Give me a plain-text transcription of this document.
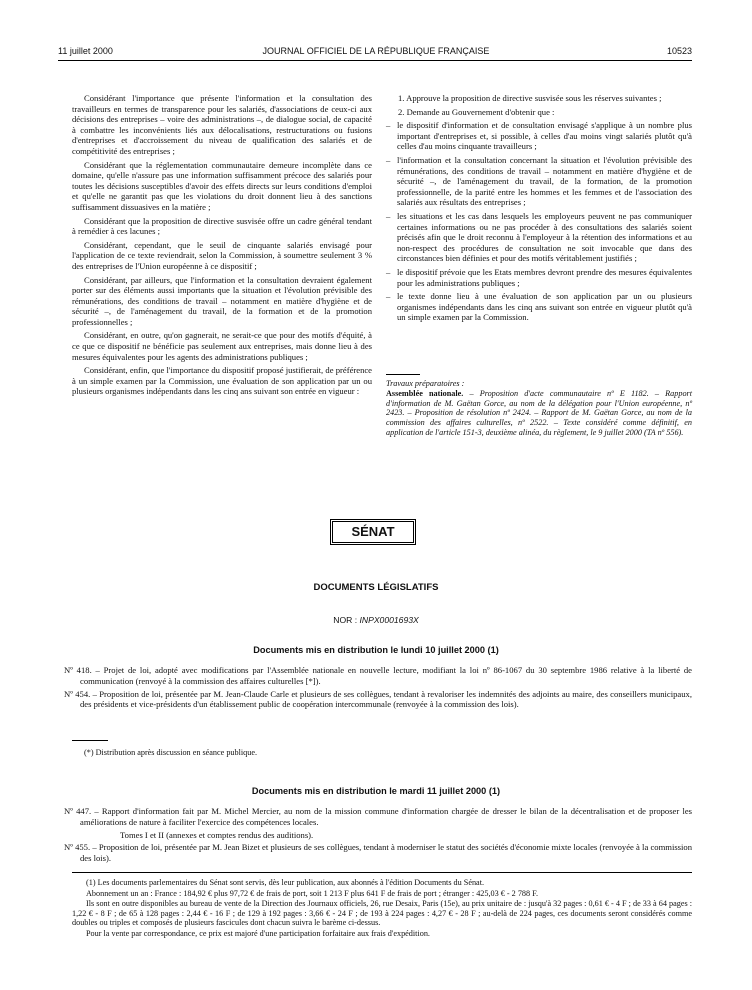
11 juillet 2000	JOURNAL OFFICIEL DE LA RÉPUBLIQUE FRANÇAISE	10523

Considérant l'importance que présente l'information et la consultation des travailleurs en termes de transparence pour les salariés, d'associations de ceux-ci aux décisions des entreprises – voire des administrations –, de dialogue social, de capacité à combattre les inconvénients liés aux délocalisations, restructurations ou fusions d'entreprises et d'accroissement du niveau de qualification des salariés et de compétitivité des entreprises ;

Considérant que la réglementation communautaire demeure incomplète dans ce domaine, qu'elle n'assure pas une information suffisamment précoce des salariés pour toutes les décisions susceptibles d'avoir des effets directs sur leurs conditions d'emploi et qu'elle ne garantit pas que les violations du droit donnent lieu à des sanctions suffisamment dissuasives en la matière ;

Considérant que la proposition de directive susvisée offre un cadre général tendant à remédier à ces lacunes ;

Considérant, cependant, que le seuil de cinquante salariés envisagé pour l'application de ce texte reviendrait, selon la Commission, à soumettre seulement 3 % des entreprises de l'Union européenne à ce dispositif ;

Considérant, par ailleurs, que l'information et la consultation devraient également porter sur des éléments aussi importants que la situation et l'évolution prévisible des rémunérations, des conditions de travail – notamment en matière d'hygiène et de sécurité –, de l'aménagement du travail, de la formation et de la promotion professionnelles ;

Considérant, en outre, qu'on gagnerait, ne serait-ce que pour des motifs d'équité, à ce que ce dispositif ne bénéficie pas seulement aux entreprises, mais donne lieu à des mesures équivalentes pour les agents des administrations publiques ;

Considérant, enfin, que l'importance du dispositif proposé justifierait, de préférence à un simple examen par la Commission, une évaluation de son application par un ou plusieurs organismes indépendants dans les cinq ans suivant son entrée en vigueur :

1. Approuve la proposition de directive susvisée sous les réserves suivantes ;

2. Demande au Gouvernement d'obtenir que :

– le dispositif d'information et de consultation envisagé s'applique à un nombre plus important d'entreprises et, si possible, à celles d'au moins vingt salariés plutôt qu'à celles d'au moins cinquante travailleurs ;

– l'information et la consultation concernant la situation et l'évolution prévisible des rémunérations, des conditions de travail – notamment en matière d'hygiène et de sécurité –, de l'aménagement du travail, de la formation, de la promotion professionnelle, de la parité entre les hommes et les femmes et de l'association des salariés aux résultats des entreprises ;

– les situations et les cas dans lesquels les employeurs peuvent ne pas communiquer certaines informations ou ne pas procéder à des consultations des salariés soient précisés afin que le droit reconnu à l'employeur à la rétention des informations et au non-respect des procédures de consultation ne soit invocable que dans des circonstances bien définies et pour des motifs véritablement justifiés ;

– le dispositif prévoie que les Etats membres devront prendre des mesures équivalentes pour les administrations publiques ;

– le texte donne lieu à une évaluation de son application par un ou plusieurs organismes indépendants dans les cinq ans suivant son entrée en vigueur plutôt qu'à un simple examen par la Commission.

Travaux préparatoires :
Assemblée nationale. – Proposition d'acte communautaire nº E 1182. – Rapport d'information de M. Gaëtan Gorce, au nom de la délégation pour l'Union européenne, nº 2423. – Proposition de résolution nº 2424. – Rapport de M. Gaëtan Gorce, au nom de la commission des affaires culturelles, nº 2522. – Texte considéré comme définitif, en application de l'article 151-3, deuxième alinéa, du règlement, le 9 juillet 2000 (TA nº 556).
SÉNAT
DOCUMENTS LÉGISLATIFS
NOR : INPX0001693X
Documents mis en distribution le lundi 10 juillet 2000 (1)

Nº 418. – Projet de loi, adopté avec modifications par l'Assemblée nationale en nouvelle lecture, modifiant la loi nº 86-1067 du 30 septembre 1986 relative à la liberté de communication (renvoyé à la commission des affaires culturelles [*]).

Nº 454. – Proposition de loi, présentée par M. Jean-Claude Carle et plusieurs de ses collègues, tendant à revaloriser les indemnités des adjoints au maire, des conseillers municipaux, des présidents et vice-présidents d'un établissement public de coopération intercommunale (renvoyée à la commission des lois).

(*) Distribution après discussion en séance publique.
Documents mis en distribution le mardi 11 juillet 2000 (1)

Nº 447. – Rapport d'information fait par M. Michel Mercier, au nom de la mission commune d'information chargée de dresser le bilan de la décentralisation et de proposer les améliorations de nature à faciliter l'exercice des compétences locales.

Tomes I et II (annexes et comptes rendus des auditions).

Nº 455. – Proposition de loi, présentée par M. Jean Bizet et plusieurs de ses collègues, tendant à moderniser le statut des sociétés d'économie mixte locales (renvoyée à la commission des lois).

(1) Les documents parlementaires du Sénat sont servis, dès leur publication, aux abonnés à l'édition Documents du Sénat.

Abonnement un an : France : 184,92 € plus 97,72 € de frais de port, soit 1 213 F plus 641 F de frais de port ; étranger : 425,03 € - 2 788 F.

Ils sont en outre disponibles au bureau de vente de la Direction des Journaux officiels, 26, rue Desaix, Paris (15e), au prix unitaire de : jusqu'à 32 pages : 0,61 € - 4 F ; de 33 à 64 pages : 1,22 € - 8 F ; de 65 à 128 pages : 2,44 € - 16 F ; de 129 à 192 pages : 3,66 € - 24 F ; de 193 à 224 pages : 4,27 € - 28 F ; au-delà de 224 pages, ces documents seront considérés comme doubles ou triples et composés de plusieurs fascicules dont chacun suivra le barème ci-dessus.

Pour la vente par correspondance, ce prix est majoré d'une participation forfaitaire aux frais d'expédition.
